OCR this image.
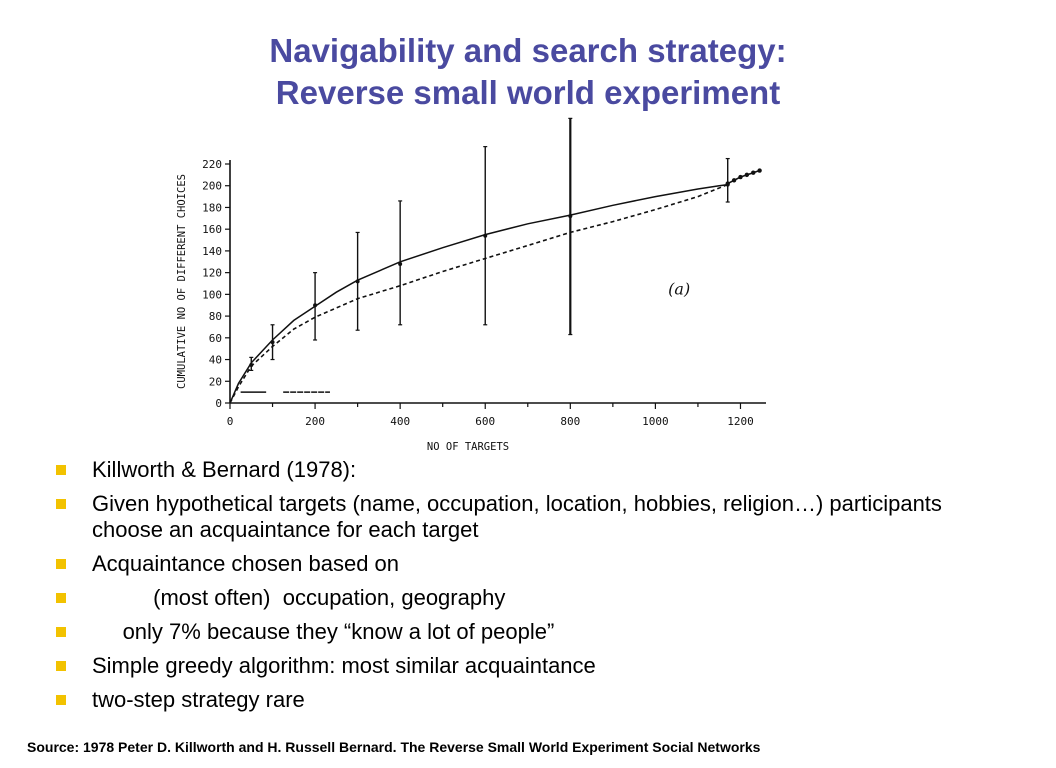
Navigability and search strategy:
Reverse small world experiment
0
20
40
60
80
100
120
140
160
180
200
220
0	200	400	600	800	1000	1200
NO OF TARGETS
CUMULATIVE NO OF DIFFERENT CHOICES	(a)
Killworth & Bernard (1978):
Given hypothetical targets (name, occupation, location, hobbies, religion…) participants choose an acquaintance for each target
Acquaintance chosen based on
(most often)  occupation, geography
only 7% because they “know a lot of people”
Simple greedy algorithm: most similar acquaintance
two-step strategy rare
Source: 1978 Peter D. Killworth and H. Russell Bernard. The Reverse Small World Experiment Social Networks
